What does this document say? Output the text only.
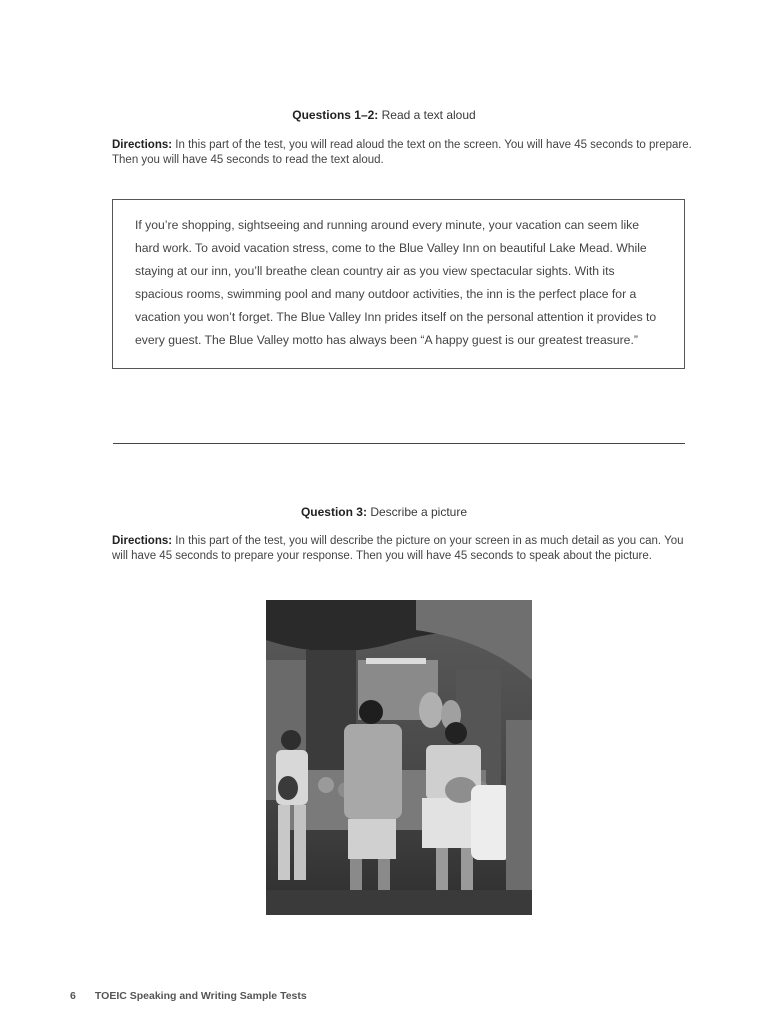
Questions 1–2: Read a text aloud
Directions: In this part of the test, you will read aloud the text on the screen. You will have 45 seconds to prepare. Then you will have 45 seconds to read the text aloud.
If you’re shopping, sightseeing and running around every minute, your vacation can seem like hard work. To avoid vacation stress, come to the Blue Valley Inn on beautiful Lake Mead. While staying at our inn, you’ll breathe clean country air as you view spectacular sights. With its spacious rooms, swimming pool and many outdoor activities, the inn is the perfect place for a vacation you won’t forget. The Blue Valley Inn prides itself on the personal attention it provides to every guest. The Blue Valley motto has always been “A happy guest is our greatest treasure.”
Question 3: Describe a picture
Directions: In this part of the test, you will describe the picture on your screen in as much detail as you can. You will have 45 seconds to prepare your response. Then you will have 45 seconds to speak about the picture.
6 TOEIC Speaking and Writing Sample Tests
